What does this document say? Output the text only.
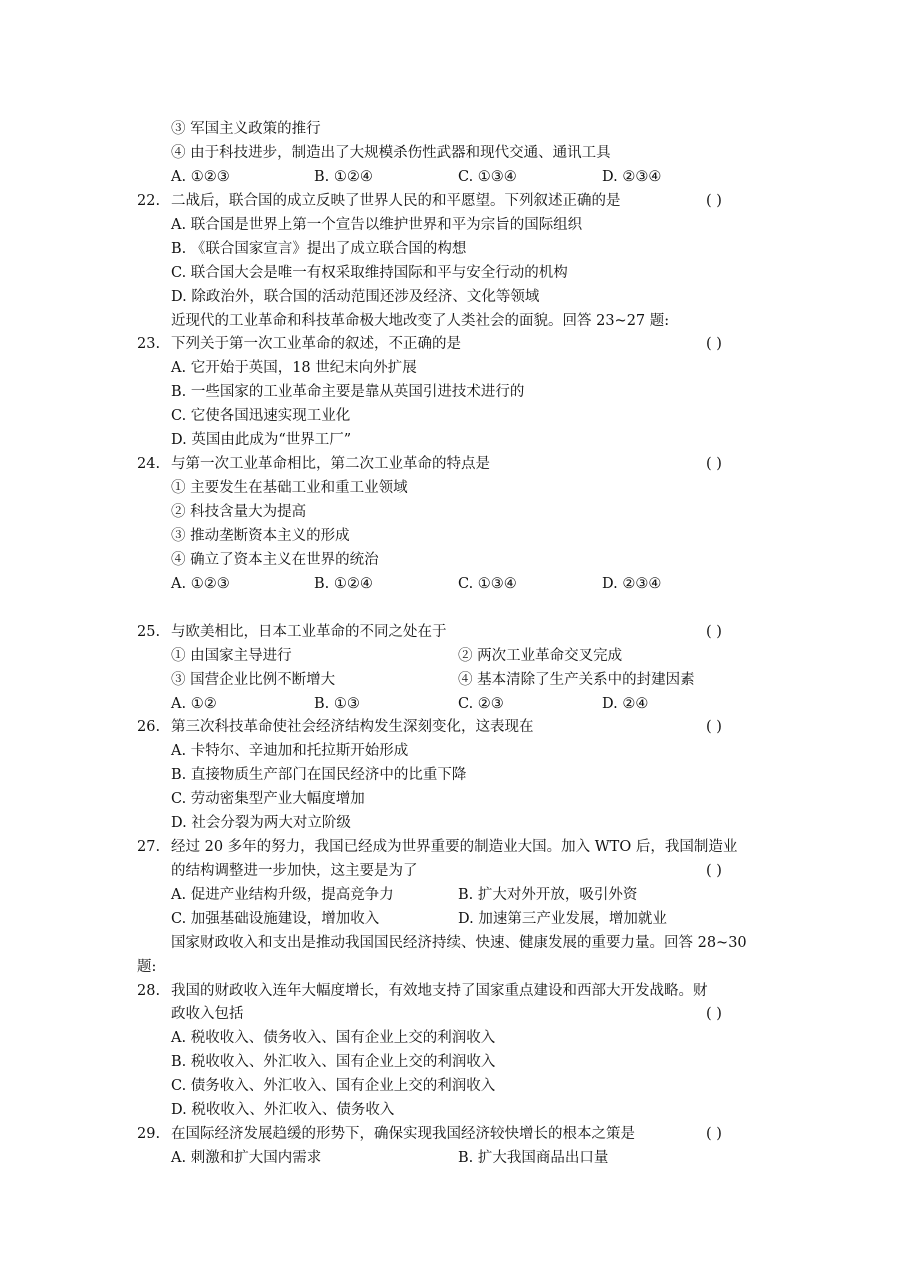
③ 军国主义政策的推行
④ 由于科技进步，制造出了大规模杀伤性武器和现代交通、通讯工具
A. ①②③	B. ①②④	C. ①③④	D. ②③④
22. 二战后，联合国的成立反映了世界人民的和平愿望。下列叙述正确的是	( )
A. 联合国是世界上第一个宣告以维护世界和平为宗旨的国际组织
B. 《联合国家宣言》提出了成立联合国的构想
C. 联合国大会是唯一有权采取维持国际和平与安全行动的机构
D. 除政治外，联合国的活动范围还涉及经济、文化等领域
近现代的工业革命和科技革命极大地改变了人类社会的面貌。回答 23~27 题:
23. 下列关于第一次工业革命的叙述，不正确的是	( )
A. 它开始于英国，18 世纪末向外扩展
B. 一些国家的工业革命主要是靠从英国引进技术进行的
C. 它使各国迅速实现工业化
D. 英国由此成为“世界工厂”
24. 与第一次工业革命相比，第二次工业革命的特点是	( )
① 主要发生在基础工业和重工业领域
② 科技含量大为提高
③ 推动垄断资本主义的形成
④ 确立了资本主义在世界的统治
A. ①②③	B. ①②④	C. ①③④	D. ②③④
25. 与欧美相比，日本工业革命的不同之处在于	( )
① 由国家主导进行	② 两次工业革命交叉完成
③ 国营企业比例不断增大	④ 基本清除了生产关系中的封建因素
A. ①②	B. ①③	C. ②③	D. ②④
26. 第三次科技革命使社会经济结构发生深刻变化，这表现在	( )
A. 卡特尔、辛迪加和托拉斯开始形成
B. 直接物质生产部门在国民经济中的比重下降
C. 劳动密集型产业大幅度增加
D. 社会分裂为两大对立阶级
27. 经过 20 多年的努力，我国已经成为世界重要的制造业大国。加入 WTO 后，我国制造业
的结构调整进一步加快，这主要是为了	( )
A. 促进产业结构升级，提高竞争力	B. 扩大对外开放，吸引外资
C. 加强基础设施建设，增加收入	D. 加速第三产业发展，增加就业
国家财政收入和支出是推动我国国民经济持续、快速、健康发展的重要力量。回答 28~30
题:
28. 我国的财政收入连年大幅度增长，有效地支持了国家重点建设和西部大开发战略。财
政收入包括	( )
A. 税收收入、债务收入、国有企业上交的利润收入
B. 税收收入、外汇收入、国有企业上交的利润收入
C. 债务收入、外汇收入、国有企业上交的利润收入
D. 税收收入、外汇收入、债务收入
29. 在国际经济发展趋缓的形势下，确保实现我国经济较快增长的根本之策是	( )
A. 刺激和扩大国内需求	B. 扩大我国商品出口量
